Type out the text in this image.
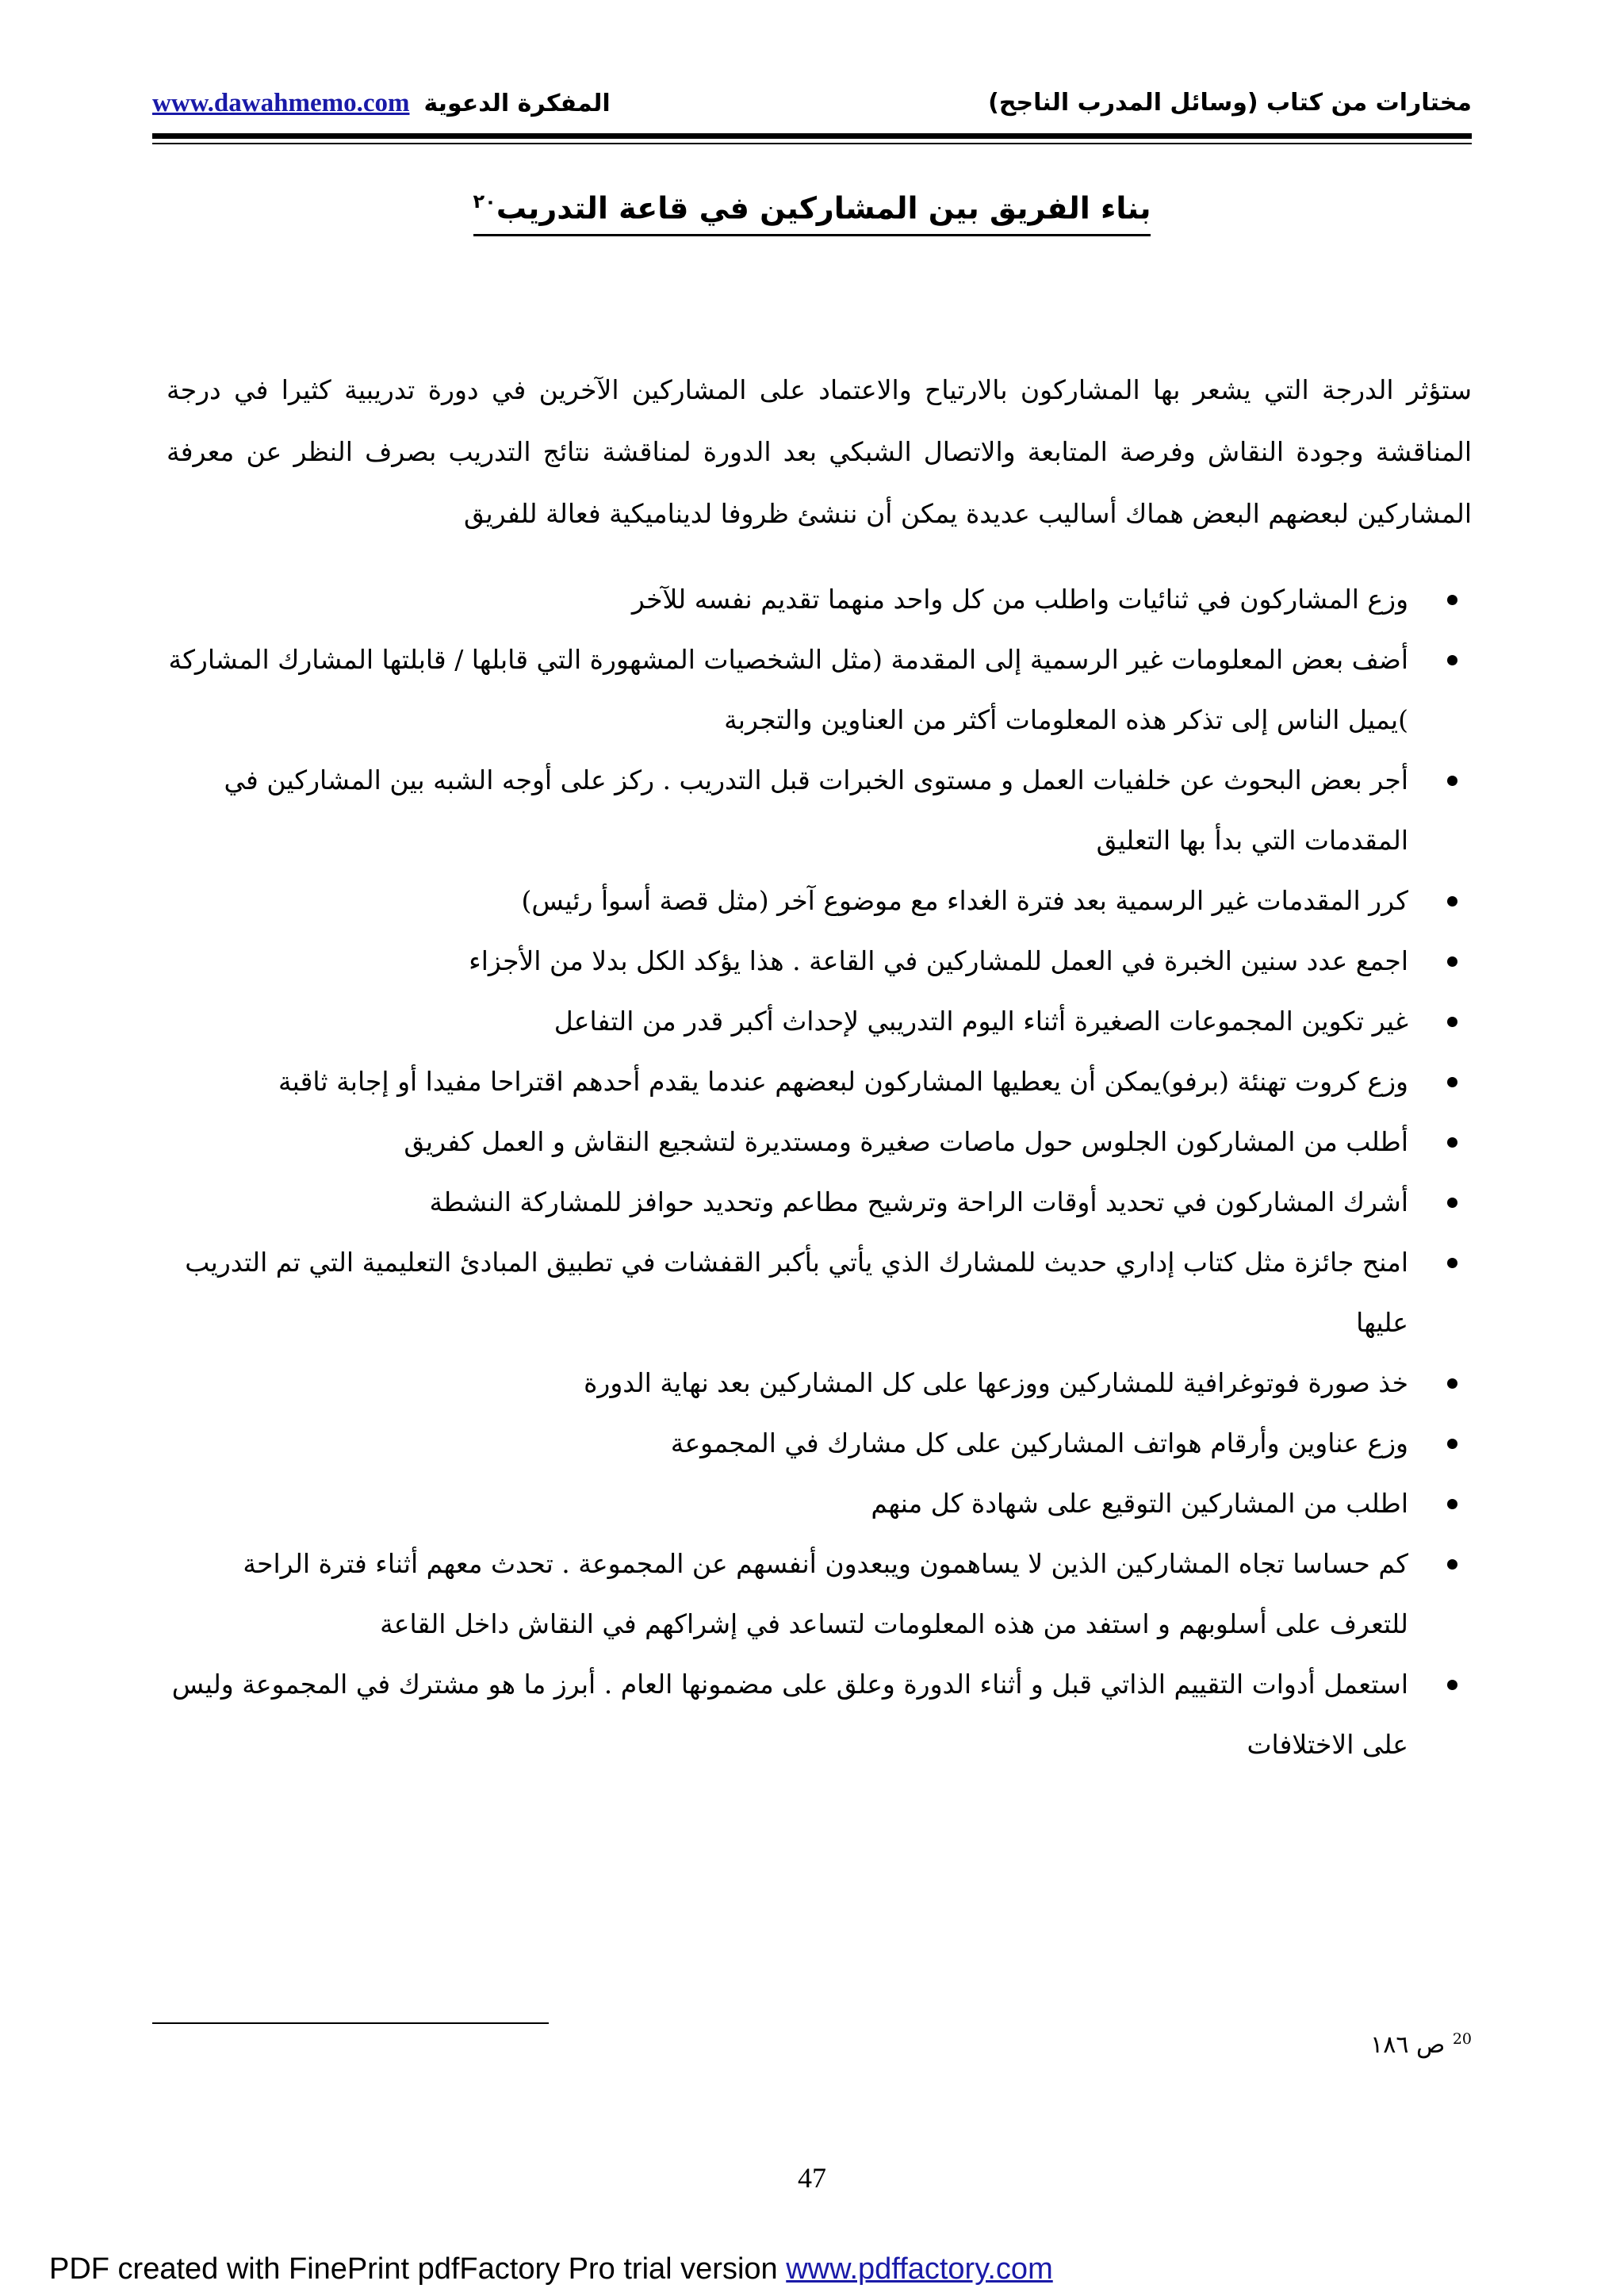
مختارات من كتاب (وسائل المدرب الناجح)
www.dawahmemo.com المفكرة الدعوية
بناء الفريق بين المشاركين في قاعة التدريب$^{٢٠}$

ستؤثر الدرجة التي يشعر بها المشاركون بالارتياح والاعتماد على المشاركين الآخرين في دورة تدريبية كثيرا في درجة المناقشة وجودة النقاش وفرصة المتابعة والاتصال الشبكي بعد الدورة لمناقشة نتائج التدريب بصرف النظر عن معرفة المشاركين لبعضهم البعض هماك أساليب عديدة يمكن أن ننشئ ظروفا لديناميكية فعالة للفريق

وزع المشاركون في ثنائيات واطلب من كل واحد منهما تقديم نفسه للآخر
أضف بعض المعلومات غير الرسمية إلى المقدمة (مثل الشخصيات المشهورة التي قابلها / قابلتها المشارك المشاركة )يميل الناس إلى تذكر هذه المعلومات أكثر من العناوين والتجربة
أجر بعض البحوث عن خلفيات العمل و مستوى الخبرات قبل التدريب . ركز على أوجه الشبه بين المشاركين في المقدمات التي بدأ بها التعليق
كرر المقدمات غير الرسمية بعد فترة الغداء مع موضوع آخر (مثل قصة أسوأ رئيس)
اجمع عدد سنين الخبرة في العمل للمشاركين في القاعة . هذا يؤكد الكل بدلا من الأجزاء
غير تكوين المجموعات الصغيرة أثناء اليوم التدريبي لإحداث أكبر قدر من التفاعل
وزع كروت تهنئة (برفو)يمكن أن يعطيها المشاركون لبعضهم عندما يقدم أحدهم اقتراحا مفيدا أو إجابة ثاقبة
أطلب من المشاركون الجلوس حول ماصات صغيرة ومستديرة لتشجيع النقاش و العمل كفريق
أشرك المشاركون في تحديد أوقات الراحة وترشيح مطاعم وتحديد حوافز للمشاركة النشطة
امنح جائزة مثل كتاب إداري حديث للمشارك الذي يأتي بأكبر القفشات في تطبيق المبادئ التعليمية التي تم التدريب عليها
خذ صورة فوتوغرافية للمشاركين ووزعها على كل المشاركين بعد نهاية الدورة
وزع عناوين وأرقام هواتف المشاركين على كل مشارك في المجموعة
اطلب من المشاركين التوقيع على شهادة كل منهم
كم حساسا تجاه المشاركين الذين لا يساهمون ويبعدون أنفسهم عن المجموعة . تحدث معهم أثناء فترة الراحة للتعرف على أسلوبهم و استفد من هذه المعلومات لتساعد في إشراكهم في النقاش داخل القاعة
استعمل أدوات التقييم الذاتي قبل و أثناء الدورة وعلق على مضمونها العام . أبرز ما هو مشترك في المجموعة وليس على الاختلافات
$^{20}$ ص ١٨٦
47
PDF created with FinePrint pdfFactory Pro trial version www.pdffactory.com
